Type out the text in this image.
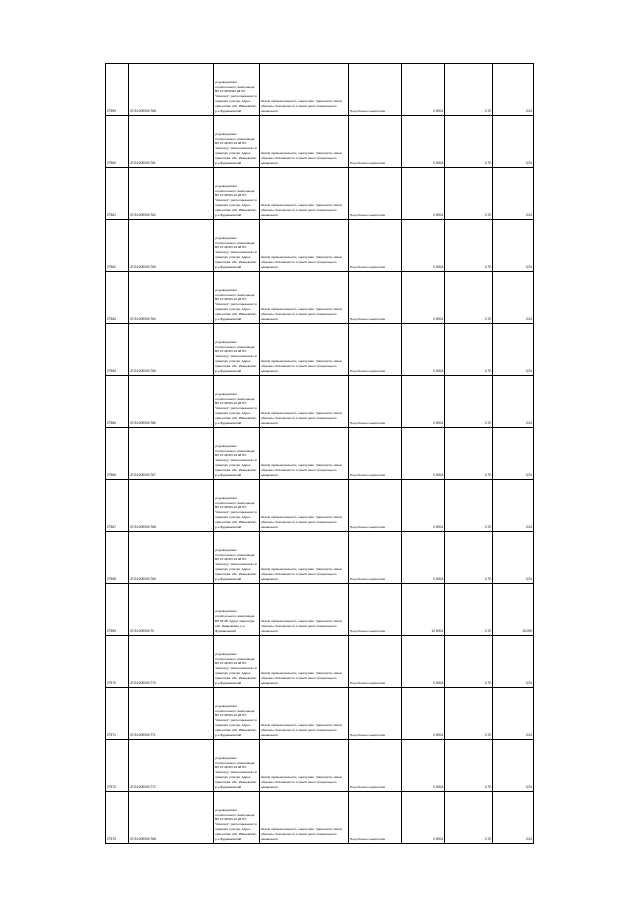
27559	37:04:000000:768	угодоводомоно. отопительного газопровода ВЛ 10 кВ ВЛ10 кВ ПС "Акцизод", расположенного в границах участка. Адрес ориентира: обл. Ивановская, р-н Фурмановский	Земли промышленности, энергетики, транспорта, связи, обороны, безопасности и земли иного специального назначения	Под объекты энергетики	0,0004	0,70	0,04
27560	37:04:000000:761	угодоводомоно. отопительного газопровода ВЛ 10 кВ ВЛ 10 кВ ПС "Акцизод", расположенного в границах участка. Адрес ориентира: обл. Ивановская, р-н Фурмановский	Земли промышленности, энергетики, транспорта, связи, обороны, безопасности и земли иного специального назначения	Под объекты энергетики	0,0004	0,70	0,04
27561	37:04:000000:762	угодоводомоно. отопительного газопровода ВЛ 10 кВ ВЛ 10 кВ ПС "Акцизод", расположенного в границах участка. Адрес ориентира: обл. Ивановская, р-н Фурмановский	Земли промышленности, энергетики, транспорта, связи, обороны, безопасности и земли иного специального назначения	Под объекты энергетики	0,0004	0,70	0,04
27562	37:04:000000:763	угодоводомоно. отопительного газопровода ВЛ 10 кВ ВЛ 10 кВ ПС "Акцизод", расположенного в границах участка. Адрес ориентира: обл. Ивановская, р-н Фурмановский	Земли промышленности, энергетики, транспорта, связи, обороны, безопасности и земли иного специального назначения	Под объекты энергетики	0,0004	0,70	0,04
27563	37:04:000000:764	угодоводомоно. отопительного газопровода ВЛ 10 кВ ВЛ 10 кВ ПС "Акцизод", расположенного в границах участка. Адрес ориентира: обл. Ивановская, р-н Фурмановский	Земли промышленности, энергетики, транспорта, связи, обороны, безопасности и земли иного специального назначения	Под объекты энергетики	0,0004	0,70	0,04
27564	37:04:000000:765	угодоводомоно. отопительного газопровода ВЛ 10 кВ ВЛ 10 кВ ПС "Акцизод", расположенного в границах участка. Адрес ориентира: обл. Ивановская, р-н Фурмановский	Земли промышленности, энергетики, транспорта, связи, обороны, безопасности и земли иного специального назначения	Под объекты энергетики	0,0004	0,70	0,04
27565	37:04:000000:766	угодоводомоно. отопительного газопровода ВЛ 10 кВ ВЛ 10 кВ ПС "Акцизод", расположенного в границах участка. Адрес ориентира: обл. Ивановская, р-н Фурмановский	Земли промышленности, энергетики, транспорта, связи, обороны, безопасности и земли иного специального назначения	Под объекты энергетики	0,0004	0,70	0,04
27566	37:04:000000:767	угодоводомоно. отопительного газопровода ВЛ 10 кВ ВЛ 10 кВ ПС "Акцизод", расположенного в границах участка. Адрес ориентира: обл. Ивановская, р-н Фурмановский	Земли промышленности, энергетики, транспорта, связи, обороны, безопасности и земли иного специального назначения	Под объекты энергетики	0,0004	0,70	0,04
27567	37:04:000000:768	угодоводомоно. отопительного газопровода ВЛ 10 кВ ВЛ 10 кВ ПС "Акцизод", расположенного в границах участка. Адрес ориентира: обл. Ивановская, р-н Фурмановский	Земли промышленности, энергетики, транспорта, связи, обороны, безопасности и земли иного специального назначения	Под объекты энергетики	0,0004	0,70	0,04
27568	37:04:000000:769	угодоводомоно. отопительного газопровода ВЛ 10 кВ ВЛ 10 кВ ПС "Акцизод", расположенного в границах участка. Адрес ориентира: обл. Ивановская, р-н Фурмановский	Земли промышленности, энергетики, транспорта, связи, обороны, безопасности и земли иного специального назначения	Под объекты энергетики	0,0004	0,70	0,04
27569	37:04:000000:70	угодоводомоно. отопительного газопровода ВЛ 35 кВ. Адрес ориентира: обл. Ивановская, р-н Фурмановский	Земли промышленности, энергетики, транспорта, связи, обороны, безопасности и земли иного специального назначения	Под объекты энергетики	10,0004	0,70	10,000
27570	37:04:000000:770	угодоводомоно. отопительного газопровода ВЛ 10 кВ ВЛ 10 кВ ПС "Акцизод", расположенного в границах участка. Адрес ориентира: обл. Ивановская, р-н Фурмановский	Земли промышленности, энергетики, транспорта, связи, обороны, безопасности и земли иного специального назначения	Под объекты энергетики	0,0004	0,70	0,04
27571	37:04:000000:771	угодоводомоно. отопительного газопровода ВЛ 10 кВ ВЛ 10 кВ ПС "Акцизод", расположенного в границах участка. Адрес ориентира: обл. Ивановская, р-н Фурмановский	Земли промышленности, энергетики, транспорта, связи, обороны, безопасности и земли иного специального назначения	Под объекты энергетики	0,0004	0,70	0,04
27572	37:04:000000:772	угодоводомоно. отопительного газопровода ВЛ 10 кВ ВЛ 10 кВ ПС "Акцизод", расположенного в границах участка. Адрес ориентира: обл. Ивановская, р-н Фурмановский	Земли промышленности, энергетики, транспорта, связи, обороны, безопасности и земли иного специального назначения	Под объекты энергетики	0,0004	0,70	0,04
27573	37:04:000000:768	угодоводомоно. отопительного газопровода ВЛ 10 кВ ВЛ 10 кВ ПС "Акцизод", расположенного в границах участка. Адрес ориентира: обл. Ивановская, р-н Фурмановский	Земли промышленности, энергетики, транспорта, связи, обороны, безопасности и земли иного специального назначения	Под объекты энергетики	0,0004	0,70	0,04
